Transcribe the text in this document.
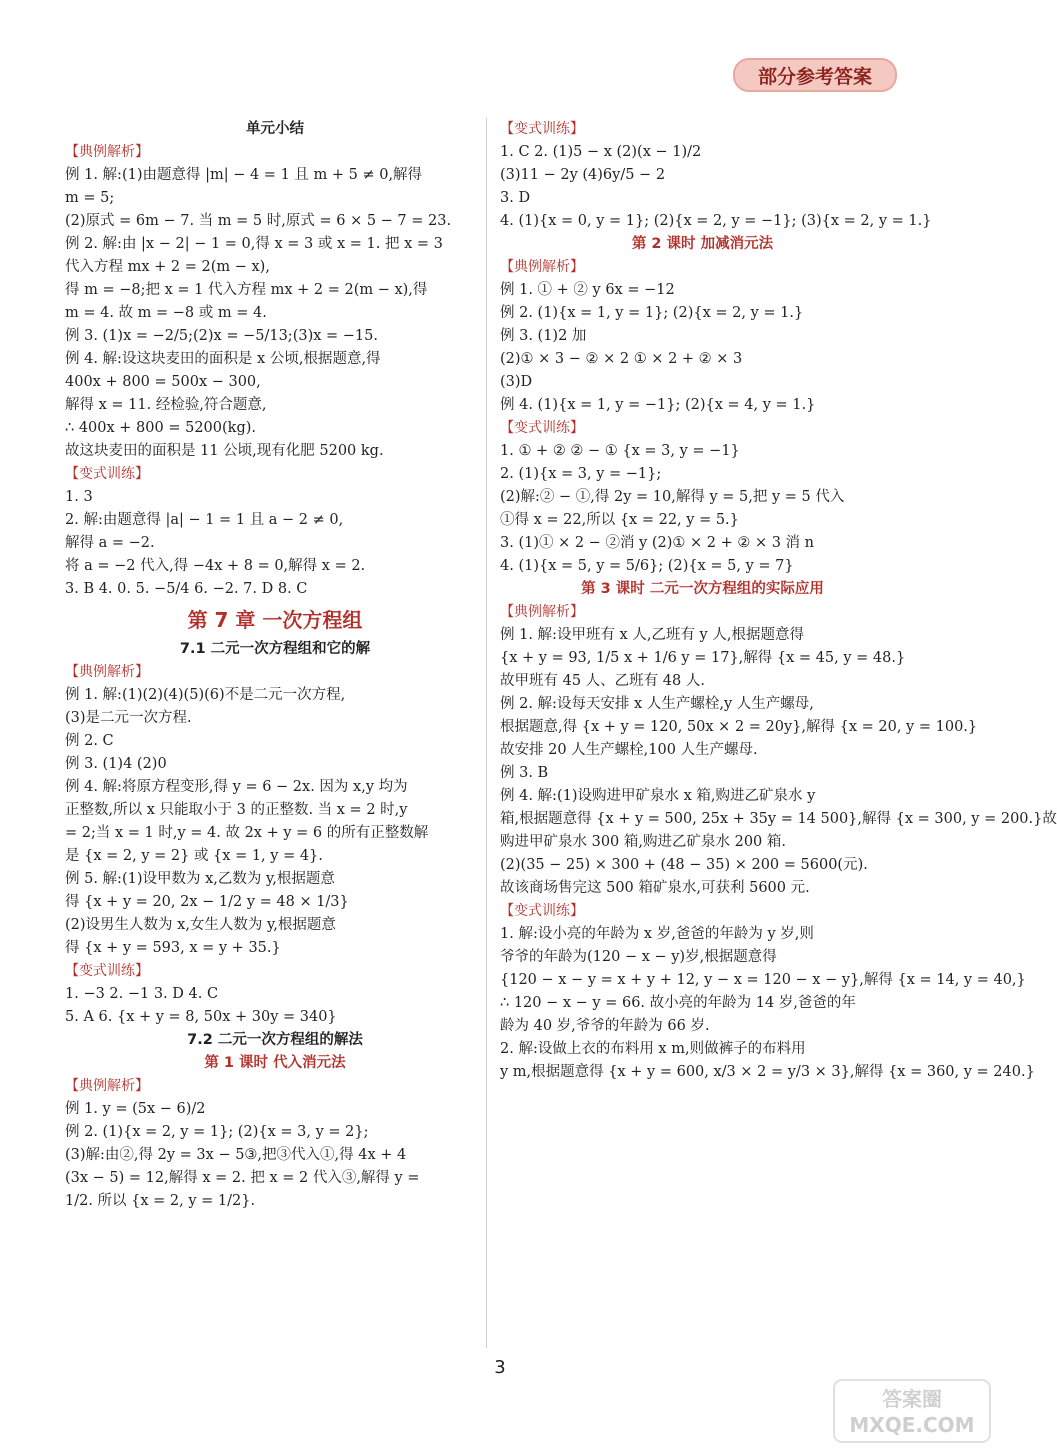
部分参考答案
单元小结
【典例解析】
例 1. 解:(1)由题意得 |m| − 4 = 1 且 m + 5 ≠ 0,解得
m = 5;
(2)原式 = 6m − 7. 当 m = 5 时,原式 = 6 × 5 − 7 = 23.
例 2. 解:由 |x − 2| − 1 = 0,得 x = 3 或 x = 1. 把 x = 3
代入方程 mx + 2 = 2(m − x),
得 m = −8;把 x = 1 代入方程 mx + 2 = 2(m − x),得
m = 4. 故 m = −8 或 m = 4.
例 3. (1)x = −2/5;(2)x = −5/13;(3)x = −15.
例 4. 解:设这块麦田的面积是 x 公顷,根据题意,得
400x + 800 = 500x − 300,
解得 x = 11. 经检验,符合题意,
∴ 400x + 800 = 5200(kg).
故这块麦田的面积是 11 公顷,现有化肥 5200 kg.
【变式训练】
1. 3
2. 解:由题意得 |a| − 1 = 1 且 a − 2 ≠ 0,
解得 a = −2.
将 a = −2 代入,得 −4x + 8 = 0,解得 x = 2.
3. B 4. 0. 5. −5/4 6. −2. 7. D 8. C
第 7 章 一次方程组
7.1 二元一次方程组和它的解
【典例解析】
例 1. 解:(1)(2)(4)(5)(6)不是二元一次方程,
(3)是二元一次方程.
例 2. C
例 3. (1)4 (2)0
例 4. 解:将原方程变形,得 y = 6 − 2x. 因为 x,y 均为
正整数,所以 x 只能取小于 3 的正整数. 当 x = 2 时,y
= 2;当 x = 1 时,y = 4. 故 2x + y = 6 的所有正整数解
是 {x = 2, y = 2} 或 {x = 1, y = 4}.
例 5. 解:(1)设甲数为 x,乙数为 y,根据题意
得 {x + y = 20, 2x − 1/2 y = 48 × 1/3}
(2)设男生人数为 x,女生人数为 y,根据题意
得 {x + y = 593, x = y + 35.}
【变式训练】
1. −3 2. −1 3. D 4. C
5. A 6. {x + y = 8, 50x + 30y = 340}
7.2 二元一次方程组的解法
第 1 课时 代入消元法
【典例解析】
例 1. y = (5x − 6)/2
例 2. (1){x = 2, y = 1}; (2){x = 3, y = 2};
(3)解:由②,得 2y = 3x − 5③,把③代入①,得 4x + 4
(3x − 5) = 12,解得 x = 2. 把 x = 2 代入③,解得 y =
1/2. 所以 {x = 2, y = 1/2}.
【变式训练】
1. C 2. (1)5 − x (2)(x − 1)/2
(3)11 − 2y (4)6y/5 − 2
3. D
4. (1){x = 0, y = 1}; (2){x = 2, y = −1}; (3){x = 2, y = 1.}
第 2 课时 加减消元法
【典例解析】
例 1. ① + ② y 6x = −12
例 2. (1){x = 1, y = 1}; (2){x = 2, y = 1.}
例 3. (1)2 加
(2)① × 3 − ② × 2 ① × 2 + ② × 3
(3)D
例 4. (1){x = 1, y = −1}; (2){x = 4, y = 1.}
【变式训练】
1. ① + ② ② − ① {x = 3, y = −1}
2. (1){x = 3, y = −1};
(2)解:② − ①,得 2y = 10,解得 y = 5,把 y = 5 代入
①得 x = 22,所以 {x = 22, y = 5.}
3. (1)① × 2 − ②消 y (2)① × 2 + ② × 3 消 n
4. (1){x = 5, y = 5/6}; (2){x = 5, y = 7}
第 3 课时 二元一次方程组的实际应用
【典例解析】
例 1. 解:设甲班有 x 人,乙班有 y 人,根据题意得
{x + y = 93, 1/5 x + 1/6 y = 17},解得 {x = 45, y = 48.}
故甲班有 45 人、乙班有 48 人.
例 2. 解:设每天安排 x 人生产螺栓,y 人生产螺母,
根据题意,得 {x + y = 120, 50x × 2 = 20y},解得 {x = 20, y = 100.}
故安排 20 人生产螺栓,100 人生产螺母.
例 3. B
例 4. 解:(1)设购进甲矿泉水 x 箱,购进乙矿泉水 y
箱,根据题意得 {x + y = 500, 25x + 35y = 14 500},解得 {x = 300, y = 200.}故
购进甲矿泉水 300 箱,购进乙矿泉水 200 箱.
(2)(35 − 25) × 300 + (48 − 35) × 200 = 5600(元).
故该商场售完这 500 箱矿泉水,可获利 5600 元.
【变式训练】
1. 解:设小亮的年龄为 x 岁,爸爸的年龄为 y 岁,则
爷爷的年龄为(120 − x − y)岁,根据题意得
{120 − x − y = x + y + 12, y − x = 120 − x − y},解得 {x = 14, y = 40,}
∴ 120 − x − y = 66. 故小亮的年龄为 14 岁,爸爸的年
龄为 40 岁,爷爷的年龄为 66 岁.
2. 解:设做上衣的布料用 x m,则做裤子的布料用
y m,根据题意得 {x + y = 600, x/3 × 2 = y/3 × 3},解得 {x = 360, y = 240.}
3
答案圈
MXQE.COM
